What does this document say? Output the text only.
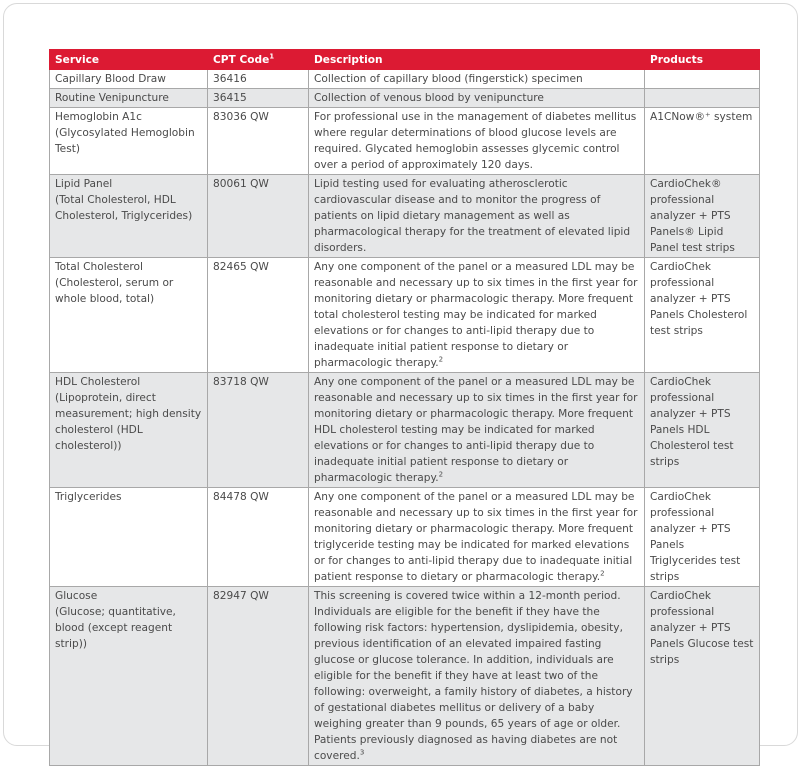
Service	CPT Code$^1$	Description	Products

Capillary Blood Draw	36416	Collection of capillary blood (fingerstick) specimen	

Routine Venipuncture	36415	Collection of venous blood by venipuncture	

Hemoglobin A1c
(Glycosylated Hemoglobin Test)	83036 QW	For professional use in the management of diabetes mellitus where regular determinations of blood glucose levels are required. Glycated hemoglobin assesses glycemic control over a period of approximately 120 days.	A1CNow®⁺ system

Lipid Panel
(Total Cholesterol, HDL Cholesterol, Triglycerides)	80061 QW	Lipid testing used for evaluating atherosclerotic cardiovascular disease and to monitor the progress of patients on lipid dietary management as well as pharmacological therapy for the treatment of elevated lipid disorders.	CardioChek® professional analyzer + PTS Panels® Lipid Panel test strips

Total Cholesterol
(Cholesterol, serum or whole blood, total)	82465 QW	Any one component of the panel or a measured LDL may be reasonable and necessary up to six times in the first year for monitoring dietary or pharmacologic therapy. More frequent total cholesterol testing may be indicated for marked elevations or for changes to anti-lipid therapy due to inadequate initial patient response to dietary or pharmacologic therapy.$^2$	CardioChek professional analyzer + PTS Panels Cholesterol test strips

HDL Cholesterol
(Lipoprotein, direct measurement; high density cholesterol (HDL cholesterol))	83718 QW	Any one component of the panel or a measured LDL may be reasonable and necessary up to six times in the first year for monitoring dietary or pharmacologic therapy. More frequent HDL cholesterol testing may be indicated for marked elevations or for changes to anti-lipid therapy due to inadequate initial patient response to dietary or pharmacologic therapy.$^2$	CardioChek professional analyzer + PTS Panels HDL Cholesterol test strips

Triglycerides	84478 QW	Any one component of the panel or a measured LDL may be reasonable and necessary up to six times in the first year for monitoring dietary or pharmacologic therapy. More frequent triglyceride testing may be indicated for marked elevations or for changes to anti-lipid therapy due to inadequate initial patient response to dietary or pharmacologic therapy.$^2$	CardioChek professional analyzer + PTS Panels Triglycerides test strips

Glucose
(Glucose; quantitative, blood (except reagent strip))	82947 QW	This screening is covered twice within a 12-month period. Individuals are eligible for the benefit if they have the following risk factors: hypertension, dyslipidemia, obesity, previous identification of an elevated impaired fasting glucose or glucose tolerance. In addition, individuals are eligible for the benefit if they have at least two of the following: overweight, a family history of diabetes, a history of gestational diabetes mellitus or delivery of a baby weighing greater than 9 pounds, 65 years of age or older. Patients previously diagnosed as having diabetes are not covered.$^3$	CardioChek professional analyzer + PTS Panels Glucose test strips
